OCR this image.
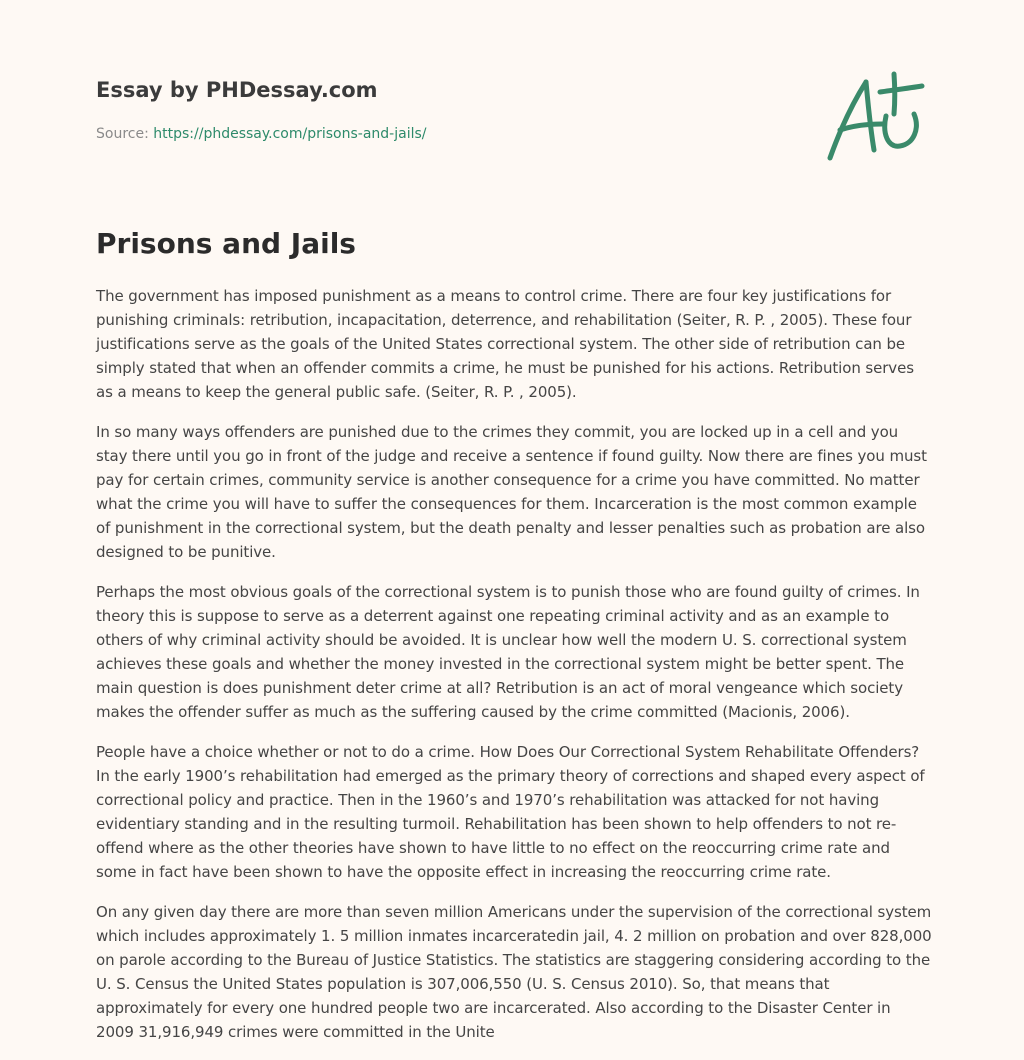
Essay by PHDessay.com
Source: https://phdessay.com/prisons-and-jails/
Prisons and Jails

The government has imposed punishment as a means to control crime. There are four key justifications for punishing criminals: retribution, incapacitation, deterrence, and rehabilitation (Seiter, R. P. , 2005). These four justifications serve as the goals of the United States correctional system. The other side of retribution can be simply stated that when an offender commits a crime, he must be punished for his actions. Retribution serves as a means to keep the general public safe. (Seiter, R. P. , 2005).

In so many ways offenders are punished due to the crimes they commit, you are locked up in a cell and you stay there until you go in front of the judge and receive a sentence if found guilty. Now there are fines you must pay for certain crimes, community service is another consequence for a crime you have committed. No matter what the crime you will have to suffer the consequences for them. Incarceration is the most common example of punishment in the correctional system, but the death penalty and lesser penalties such as probation are also designed to be punitive.

Perhaps the most obvious goals of the correctional system is to punish those who are found guilty of crimes. In theory this is suppose to serve as a deterrent against one repeating criminal activity and as an example to others of why criminal activity should be avoided. It is unclear how well the modern U. S. correctional system achieves these goals and whether the money invested in the correctional system might be better spent. The main question is does punishment deter crime at all? Retribution is an act of moral vengeance which society makes the offender suffer as much as the suffering caused by the crime committed (Macionis, 2006).

People have a choice whether or not to do a crime. How Does Our Correctional System Rehabilitate Offenders? In the early 1900’s rehabilitation had emerged as the primary theory of corrections and shaped every aspect of correctional policy and practice. Then in the 1960’s and 1970’s rehabilitation was attacked for not having evidentiary standing and in the resulting turmoil. Rehabilitation has been shown to help offenders to not re-offend where as the other theories have shown to have little to no effect on the reoccurring crime rate and some in fact have been shown to have the opposite effect in increasing the reoccurring crime rate.

On any given day there are more than seven million Americans under the supervision of the correctional system which includes approximately 1. 5 million inmates incarceratedin jail, 4. 2 million on probation and over 828,000 on parole according to the Bureau of Justice Statistics. The statistics are staggering considering according to the U. S. Census the United States population is 307,006,550 (U. S. Census 2010). So, that means that approximately for every one hundred people two are incarcerated. Also according to the Disaster Center in 2009 31,916,949 crimes were committed in the Unite
